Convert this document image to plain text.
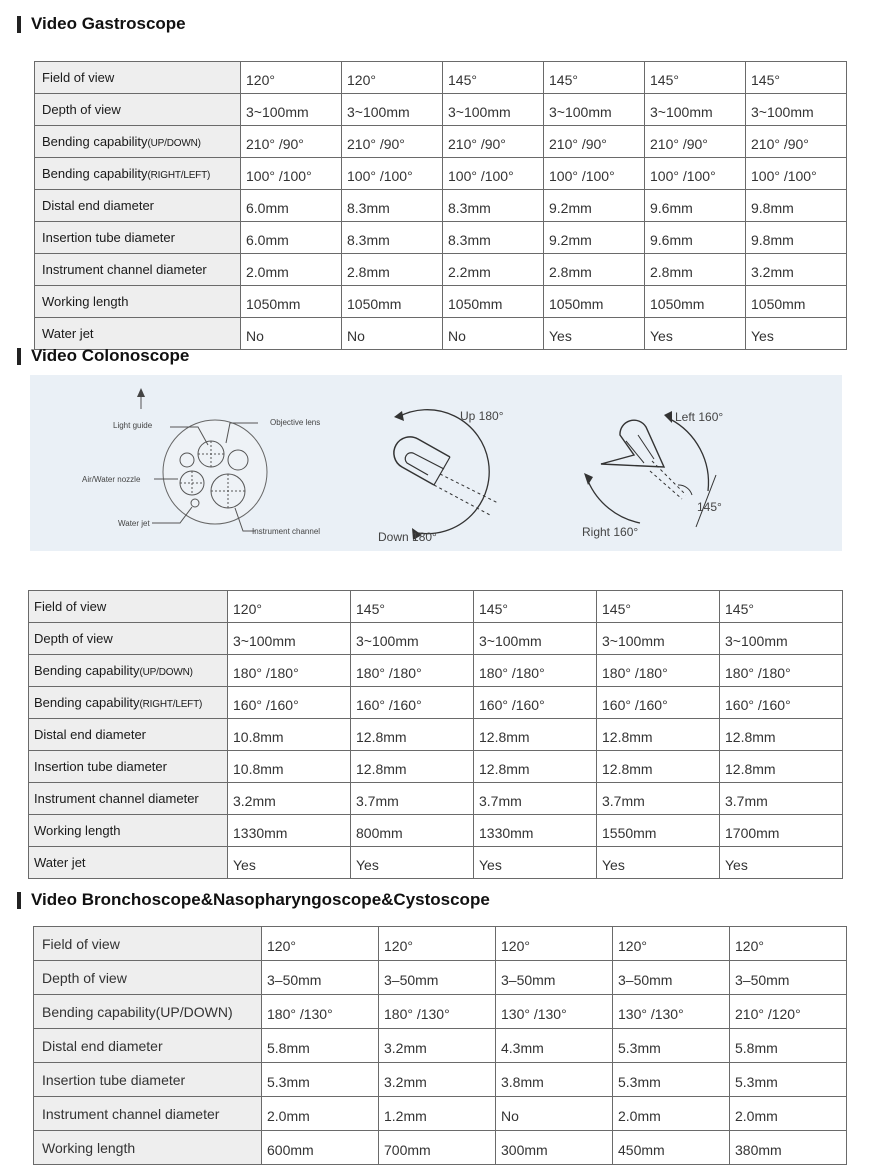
Video Gastroscope
Field of view	120°	120°	145°	145°	145°	145°
Depth of view	3~100mm	3~100mm	3~100mm	3~100mm	3~100mm	3~100mm
Bending capability(UP/DOWN)	210° /90°	210° /90°	210° /90°	210° /90°	210° /90°	210° /90°
Bending capability(RIGHT/LEFT)	100° /100°	100° /100°	100° /100°	100° /100°	100° /100°	100° /100°
Distal end diameter	6.0mm	8.3mm	8.3mm	9.2mm	9.6mm	9.8mm
Insertion tube diameter	6.0mm	8.3mm	8.3mm	9.2mm	9.6mm	9.8mm
Instrument channel diameter	2.0mm	2.8mm	2.2mm	2.8mm	2.8mm	3.2mm
Working length	1050mm	1050mm	1050mm	1050mm	1050mm	1050mm
Water jet	No	No	No	Yes	Yes	Yes
Video Colonoscope
Light guide	Objective lens
Air/Water nozzle
Water jet
Instrument channel
Up 180°
Down 180°
Left 160°
Right 160°
145°
Field of view	120°	145°	145°	145°	145°
Depth of view	3~100mm	3~100mm	3~100mm	3~100mm	3~100mm
Bending capability(UP/DOWN)	180° /180°	180° /180°	180° /180°	180° /180°	180° /180°
Bending capability(RIGHT/LEFT)	160° /160°	160° /160°	160° /160°	160° /160°	160° /160°
Distal end diameter	10.8mm	12.8mm	12.8mm	12.8mm	12.8mm
Insertion tube diameter	10.8mm	12.8mm	12.8mm	12.8mm	12.8mm
Instrument channel diameter	3.2mm	3.7mm	3.7mm	3.7mm	3.7mm
Working length	1330mm	800mm	1330mm	1550mm	1700mm
Water jet	Yes	Yes	Yes	Yes	Yes
Video Bronchoscope&Nasopharyngoscope&Cystoscope
Field of view	120°	120°	120°	120°	120°
Depth of view	3–50mm	3–50mm	3–50mm	3–50mm	3–50mm
Bending capability(UP/DOWN)	180° /130°	180° /130°	130° /130°	130° /130°	210° /120°
Distal end diameter	5.8mm	3.2mm	4.3mm	5.3mm	5.8mm
Insertion tube diameter	5.3mm	3.2mm	3.8mm	5.3mm	5.3mm
Instrument channel diameter	2.0mm	1.2mm	No	2.0mm	2.0mm
Working length	600mm	700mm	300mm	450mm	380mm
